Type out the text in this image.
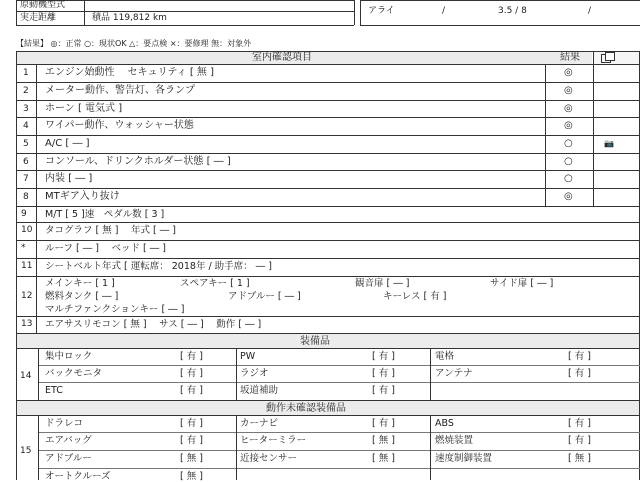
原動機型式
実走距離	積品 119,812 km
アライ	/	3.5 / 8	/
【結果】 ◎：正常 ○：現状OK △：要点検 ×：要修理 無：対象外
室内確認項目	結果
1 エンジン始動性　 セキュリティ [ 無 ]	◎
2 メーター動作、警告灯、各ランプ	◎
3 ホーン [ 電気式 ]	◎
4 ワイパー動作、ウォッシャー状態	◎
5 A/C [ ― ]	○	📷
6 コンソール、ドリンクホルダー状態 [ ― ]	○
7 内装 [ ― ]	○
8 MTギア入り抜け	◎
9 M/T [ 5 ]速　ペダル数 [ 3 ]
10 タコグラフ [ 無 ]　 年式 [ ― ]
* ルーフ [ ― ]　 ベッド [ ― ]
11 シートベルト年式 [ 運転席： 2018年 / 助手席： ― ]
12
メインキー [ 1 ]	スペアキー [ 1 ]	観音扉 [ ― ]	サイド扉 [ ― ]
燃料タンク [ ― ]	アドブルー [ ― ]	キーレス [ 有 ]
マルチファンクションキー [ ― ]
13 エアサスリモコン [ 無 ]　 サス [ ― ]　 動作 [ ― ]
装備品
14
集中ロック	[ 有 ]	PW	[ 有 ]	電格	[ 有 ]
バックモニタ	[ 有 ]	ラジオ	[ 有 ]	アンテナ	[ 有 ]
ETC	[ 有 ]	坂道補助	[ 有 ]
動作未確認装備品
15
ドラレコ	[ 有 ]	カーナビ	[ 有 ]	ABS	[ 有 ]
エアバッグ	[ 有 ]	ヒーターミラー	[ 無 ]	燃焼装置	[ 有 ]
アドブルー	[ 無 ]	近接センサー	[ 無 ]	速度制御装置	[ 無 ]
オートクルーズ	[ 無 ]
